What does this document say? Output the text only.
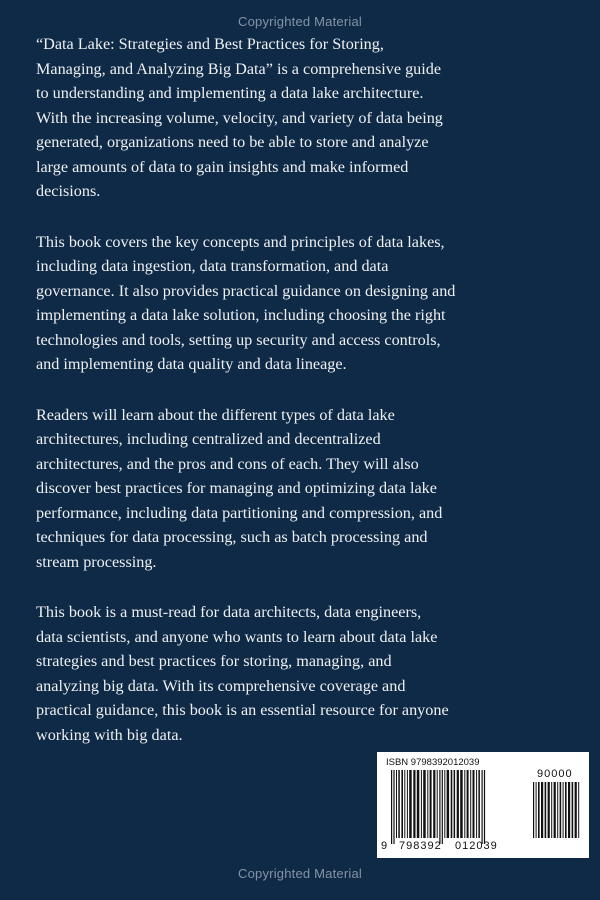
Copyrighted Material

“Data Lake: Strategies and Best Practices for Storing,
Managing, and Analyzing Big Data” is a comprehensive guide
to understanding and implementing a data lake architecture.
With the increasing volume, velocity, and variety of data being
generated, organizations need to be able to store and analyze
large amounts of data to gain insights and make informed
decisions.

This book covers the key concepts and principles of data lakes,
including data ingestion, data transformation, and data
governance. It also provides practical guidance on designing and
implementing a data lake solution, including choosing the right
technologies and tools, setting up security and access controls,
and implementing data quality and data lineage.

Readers will learn about the different types of data lake
architectures, including centralized and decentralized
architectures, and the pros and cons of each. They will also
discover best practices for managing and optimizing data lake
performance, including data partitioning and compression, and
techniques for data processing, such as batch processing and
stream processing.

This book is a must-read for data architects, data engineers,
data scientists, and anyone who wants to learn about data lake
strategies and best practices for storing, managing, and
analyzing big data. With its comprehensive coverage and
practical guidance, this book is an essential resource for anyone
working with big data.

ISBN 9798392012039
9 798392 012039
90000
Copyrighted Material
